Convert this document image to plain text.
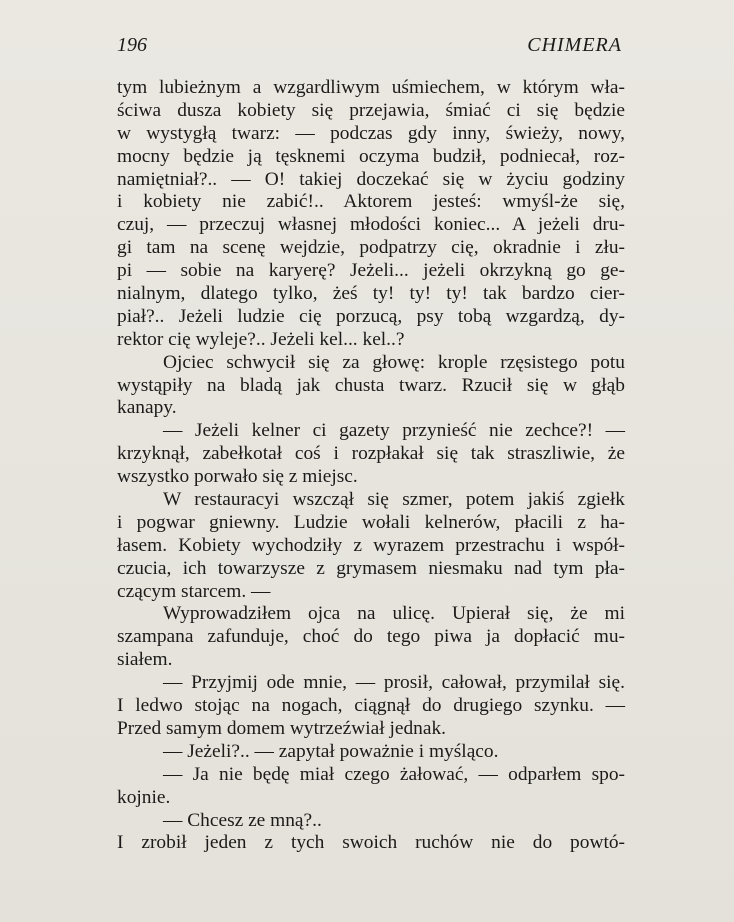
196	CHIMERA
tym lubieżnym a wzgardliwym uśmiechem, w którym wła-
ściwa dusza kobiety się przejawia, śmiać ci się będzie
w wystygłą twarz: — podczas gdy inny, świeży, nowy,
mocny będzie ją tęsknemi oczyma budził, podniecał, roz-
namiętniał?.. — O! takiej doczekać się w życiu godziny
i kobiety nie zabić!.. Aktorem jesteś: wmyśl-że się,
czuj, — przeczuj własnej młodości koniec... A jeżeli dru-
gi tam na scenę wejdzie, podpatrzy cię, okradnie i złu-
pi — sobie na karyerę? Jeżeli... jeżeli okrzykną go ge-
nialnym, dlatego tylko, żeś ty! ty! ty! tak bardzo cier-
piał?.. Jeżeli ludzie cię porzucą, psy tobą wzgardzą, dy-
rektor cię wyleje?.. Jeżeli kel... kel..?
Ojciec schwycił się za głowę: krople rzęsistego potu
wystąpiły na bladą jak chusta twarz. Rzucił się w głąb
kanapy.
— Jeżeli kelner ci gazety przynieść nie zechce?! —
krzyknął, zabełkotał coś i rozpłakał się tak straszliwie, że
wszystko porwało się z miejsc.
W restauracyi wszczął się szmer, potem jakiś zgiełk
i pogwar gniewny. Ludzie wołali kelnerów, płacili z ha-
łasem. Kobiety wychodziły z wyrazem przestrachu i współ-
czucia, ich towarzysze z grymasem niesmaku nad tym pła-
czącym starcem. —
Wyprowadziłem ojca na ulicę. Upierał się, że mi
szampana zafunduje, choć do tego piwa ja dopłacić mu-
siałem.
— Przyjmij ode mnie, — prosił, całował, przymilał się.
I ledwo stojąc na nogach, ciągnął do drugiego szynku. —
Przed samym domem wytrzeźwiał jednak.
— Jeżeli?.. — zapytał poważnie i myśląco.
— Ja nie będę miał czego żałować, — odparłem spo-
kojnie.
— Chcesz ze mną?..
I zrobił jeden z tych swoich ruchów nie do powtó-
